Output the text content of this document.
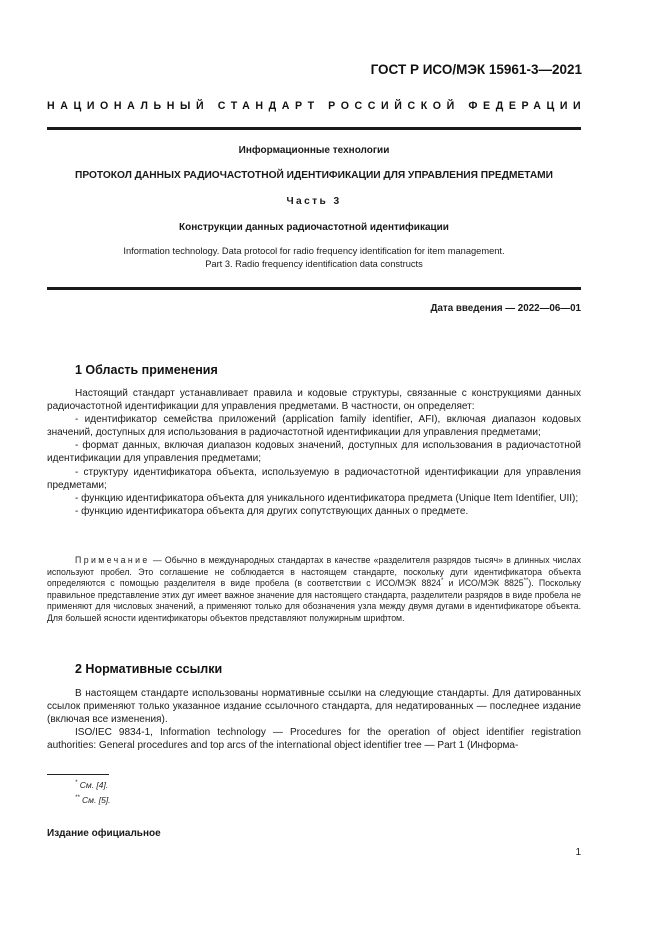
ГОСТ Р ИСО/МЭК 15961-3—2021
НАЦИОНАЛЬНЫЙ СТАНДАРТ РОССИЙСКОЙ ФЕДЕРАЦИИ
Информационные технологии
ПРОТОКОЛ ДАННЫХ РАДИОЧАСТОТНОЙ ИДЕНТИФИКАЦИИ ДЛЯ УПРАВЛЕНИЯ ПРЕДМЕТАМИ
Часть 3
Конструкции данных радиочастотной идентификации
Information technology. Data protocol for radio frequency identification for item management.
Part 3. Radio frequency identification data constructs
Дата введения — 2022—06—01
1 Область применения

Настоящий стандарт устанавливает правила и кодовые структуры, связанные с конструкциями данных радиочастотной идентификации для управления предметами. В частности, он определяет:

- идентификатор семейства приложений (application family identifier, AFI), включая диапазон кодовых значений, доступных для использования в радиочастотной идентификации для управления предметами;

- формат данных, включая диапазон кодовых значений, доступных для использования в радиочастотной идентификации для управления предметами;

- структуру идентификатора объекта, используемую в радиочастотной идентификации для управления предметами;

- функцию идентификатора объекта для уникального идентификатора предмета (Unique Item Identifier, UII);

- функцию идентификатора объекта для других сопутствующих данных о предмете.

Примечание — Обычно в международных стандартах в качестве «разделителя разрядов тысяч» в длинных числах используют пробел. Это соглашение не соблюдается в настоящем стандарте, поскольку дуги идентификатора объекта определяются с помощью разделителя в виде пробела (в соответствии с ИСО/МЭК 8824* и ИСО/МЭК 8825**). Поскольку правильное представление этих дуг имеет важное значение для настоящего стандарта, разделители разрядов в виде пробела не применяют для числовых значений, а применяют только для обозначения узла между двумя дугами в идентификаторе объекта. Для большей ясности идентификаторы объектов представляют полужирным шрифтом.

2 Нормативные ссылки

В настоящем стандарте использованы нормативные ссылки на следующие стандарты. Для датированных ссылок применяют только указанное издание ссылочного стандарта, для недатированных — последнее издание (включая все изменения).

ISO/IEC 9834-1, Information technology — Procedures for the operation of object identifier registration authorities: General procedures and top arcs of the international object identifier tree — Part 1 (Информа-

* См. [4].
** См. [5].
Издание официальное
1
